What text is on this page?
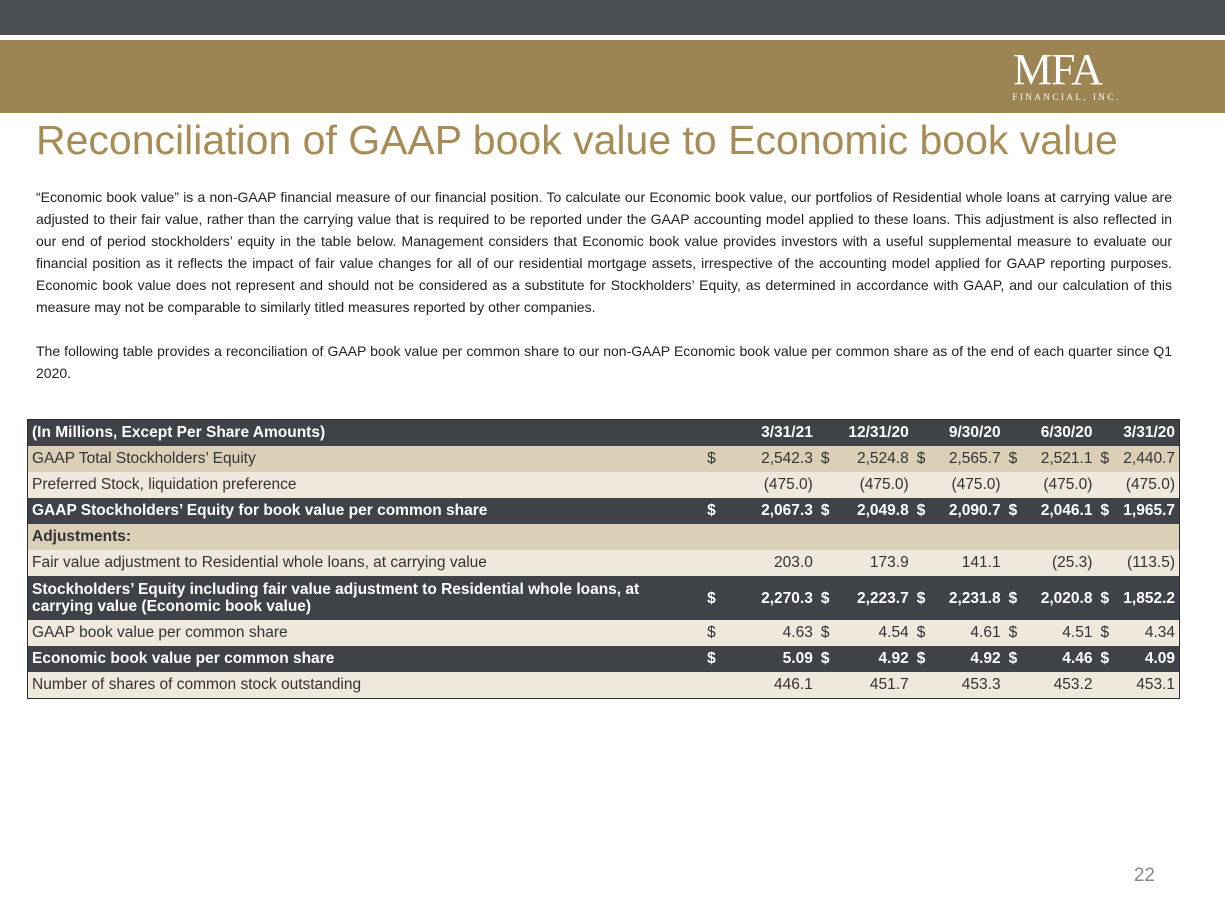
MFA
FINANCIAL, INC.
Reconciliation of GAAP book value to Economic book value

“Economic book value” is a non-GAAP financial measure of our financial position. To calculate our Economic book value, our portfolios of Residential whole loans at carrying value are adjusted to their fair value, rather than the carrying value that is required to be reported under the GAAP accounting model applied to these loans. This adjustment is also reflected in our end of period stockholders’ equity in the table below. Management considers that Economic book value provides investors with a useful supplemental measure to evaluate our financial position as it reflects the impact of fair value changes for all of our residential mortgage assets, irrespective of the accounting model applied for GAAP reporting purposes. Economic book value does not represent and should not be considered as a substitute for Stockholders’ Equity, as determined in accordance with GAAP, and our calculation of this measure may not be comparable to similarly titled measures reported by other companies.

The following table provides a reconciliation of GAAP book value per common share to our non-GAAP Economic book value per common share as of the end of each quarter since Q1 2020.

(In Millions, Except Per Share Amounts)	3/31/21		12/31/20		9/30/20		6/30/20		3/31/20	
GAAP Total Stockholders’ Equity	$	2,542.3	$	2,524.8	$	2,565.7	$	2,521.1	$	2,440.7
Preferred Stock, liquidation preference		(475.0)		(475.0)		(475.0)		(475.0)		(475.0)
GAAP Stockholders’ Equity for book value per common share	$	2,067.3	$	2,049.8	$	2,090.7	$	2,046.1	$	1,965.7
Adjustments:										
Fair value adjustment to Residential whole loans, at carrying value		203.0		173.9		141.1		(25.3)		(113.5)
Stockholders’ Equity including fair value adjustment to Residential whole loans, at
carrying value (Economic book value)	$	2,270.3	$	2,223.7	$	2,231.8	$	2,020.8	$	1,852.2
GAAP book value per common share	$	4.63	$	4.54	$	4.61	$	4.51	$	4.34
Economic book value per common share	$	5.09	$	4.92	$	4.92	$	4.46	$	4.09
Number of shares of common stock outstanding		446.1		451.7		453.3		453.2		453.1
22
